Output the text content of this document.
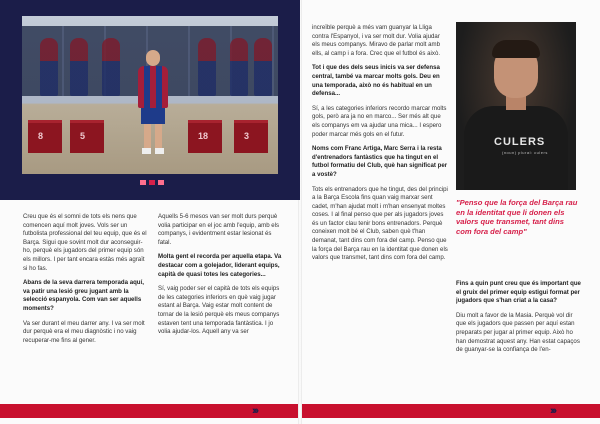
8	5	18	3

Creu que és el somni de tots els nens que comencen aquí molt joves. Vols ser un futbolista professional del teu equip, que és el Barça. Sigui que sovint molt dur aconseguir-ho, perquè els jugadors del primer equip són els millors. I per tant encara estàs més agraït si ho fas.

Abans de la seva darrera temporada aquí, va patir una lesió greu jugant amb la selecció espanyola. Com van ser aquells moments?

Va ser durant el meu darrer any. I va ser molt dur perquè era el meu diagnòstic i no vaig recuperar-me fins al gener.

Aquells 5-6 mesos van ser molt durs perquè volia participar en el joc amb l'equip, amb els companys, i evidentment estar lesionat és fatal.

Molta gent el recorda per aquella etapa. Va destacar com a golejador, liderant equips, capità de quasi totes les categories...

Sí, vaig poder ser el capità de tots els equips de les categories inferiors en què vaig jugar estant al Barça. Vaig estar molt content de tornar de la lesió perquè els meus companys estaven tent una temporada fantàstica. I jo volia ajudar-los. Aquell any va ser

increïble perquè a més vam guanyar la Lliga contra l'Espanyol, i va ser molt dur. Volia ajudar els meus companys. Miravo de parlar molt amb ells, al camp i a fora. Crec que el futbol és això.

Tot i que des dels seus inicis va ser defensa central, també va marcar molts gols. Deu en una temporada, això no és habitual en un defensa...

Sí, a les categories inferiors recordo marcar molts gols, però ara ja no en marco... Ser més alt que els companys em va ajudar una mica... I espero poder marcar més gols en el futur.

Noms com Franc Artiga, Marc Serra i la resta d'entrenadors fantàstics que ha tingut en el futbol formatiu del Club, què han significat per a vostè?

Tots els entrenadors que he tingut, des del principi a la Barça Escola fins quan vaig marxar sent cadet, m'han ajudat molt i m'han ensenyat moltes coses. I al final penso que per als jugadors joves és un factor clau tenir bons entrenadors. Perquè coneixen molt bé el Club, saben què t'han demanat, tant dins com fora del camp. Penso que la força del Barça rau en la identitat que donen els valors que transmet, tant dins com fora del camp.

CULERS
(noun) plural: culers
"Penso que la força del Barça rau en la identitat que li donen els valors que transmet, tant dins com fora del camp"

Fins a quin punt creu que és important que el gruix del primer equip estigui format per jugadors que s'han criat a la casa?

Diu molt a favor de la Masia. Perquè vol dir que els jugadors que passen per aquí estan preparats per jugar al primer equip. Això ho han demostrat aquest any. Han estat capaços de guanyar-se la confiança de l'en-

›››	›››
